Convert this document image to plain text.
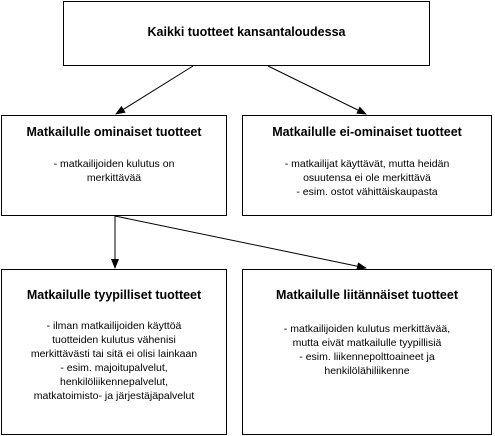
Kaikki tuotteet kansantaloudessa
Matkailulle ominaiset tuotteet
- matkailijoiden kulutus on
merkittävää
Matkailulle ei-ominaiset tuotteet
- matkailijat käyttävät, mutta heidän
osuutensa ei ole merkittävä
- esim. ostot vähittäiskaupasta
Matkailulle tyypilliset tuotteet
- ilman matkailijoiden käyttöä
tuotteiden kulutus vähenisi
merkittävästi tai sitä ei olisi lainkaan
- esim. majoitupalvelut,
henkilöliikennepalvelut,
matkatoimisto- ja järjestäjäpalvelut
Matkailulle liitännäiset tuotteet
- matkailijoiden kulutus merkittävää,
mutta eivät matkailulle tyypillisiä
- esim. liikennepolttoaineet ja
henkilölähiliikenne
